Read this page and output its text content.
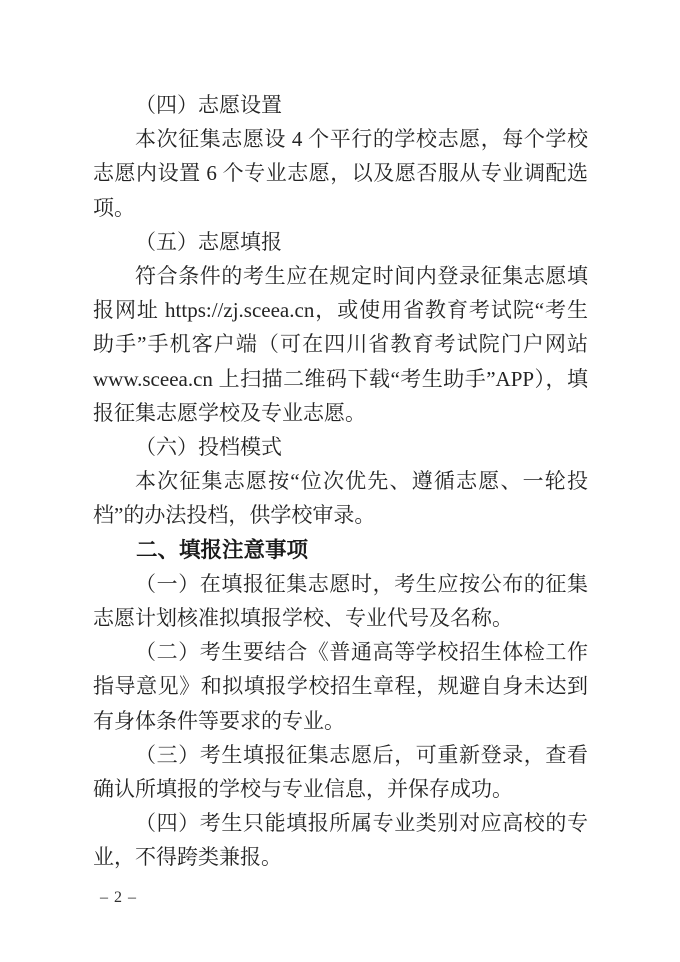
（四）志愿设置

本次征集志愿设 4 个平行的学校志愿，每个学校志愿内设置 6 个专业志愿，以及愿否服从专业调配选项。

（五）志愿填报

符合条件的考生应在规定时间内登录征集志愿填报网址 https://zj.sceea.cn，或使用省教育考试院“考生助手”手机客户端（可在四川省教育考试院门户网站 www.sceea.cn 上扫描二维码下载“考生助手”APP），填报征集志愿学校及专业志愿。

（六）投档模式

本次征集志愿按“位次优先、遵循志愿、一轮投档”的办法投档，供学校审录。

二、填报注意事项

（一）在填报征集志愿时，考生应按公布的征集志愿计划核准拟填报学校、专业代号及名称。

（二）考生要结合《普通高等学校招生体检工作指导意见》和拟填报学校招生章程，规避自身未达到有身体条件等要求的专业。

（三）考生填报征集志愿后，可重新登录，查看确认所填报的学校与专业信息，并保存成功。

（四）考生只能填报所属专业类别对应高校的专业，不得跨类兼报。

– 2 –
